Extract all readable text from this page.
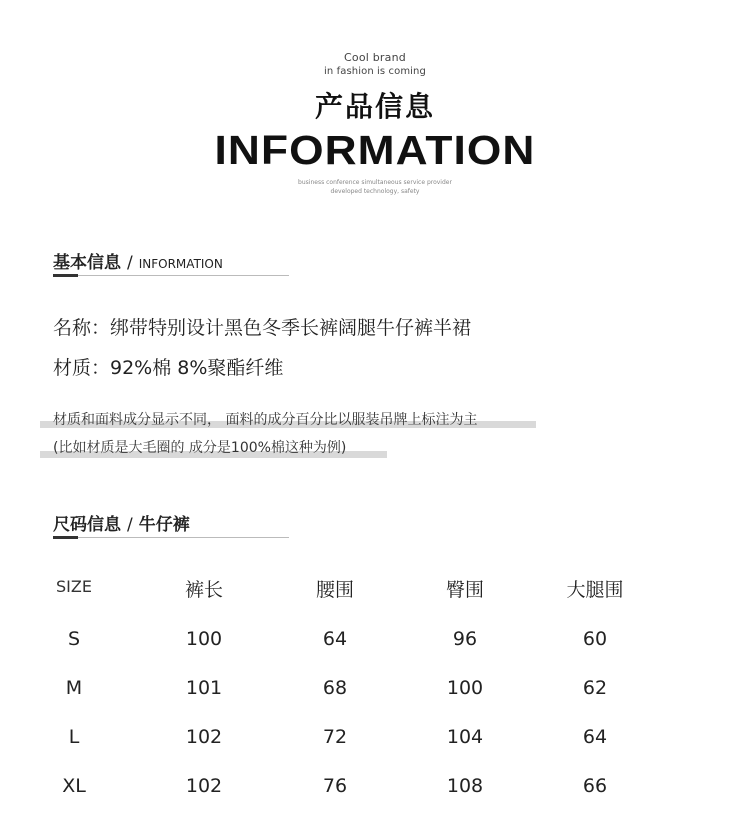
Cool brand
in fashion is coming
产品信息
INFORMATION
business conference simultaneous service provider
developed technology, safety
基本信息 / INFORMATION
名称：绑带特别设计黑色冬季长裤阔腿牛仔裤半裙
材质：92%棉 8%聚酯纤维
材质和面料成分显示不同， 面料的成分百分比以服装吊牌上标注为主
(比如材质是大毛圈的 成分是100%棉这种为例)
尺码信息 / 牛仔裤
SIZE	裤长	腰围	臀围	大腿围
S	100	64	96	60
M	101	68	100	62
L	102	72	104	64
XL	102	76	108	66
